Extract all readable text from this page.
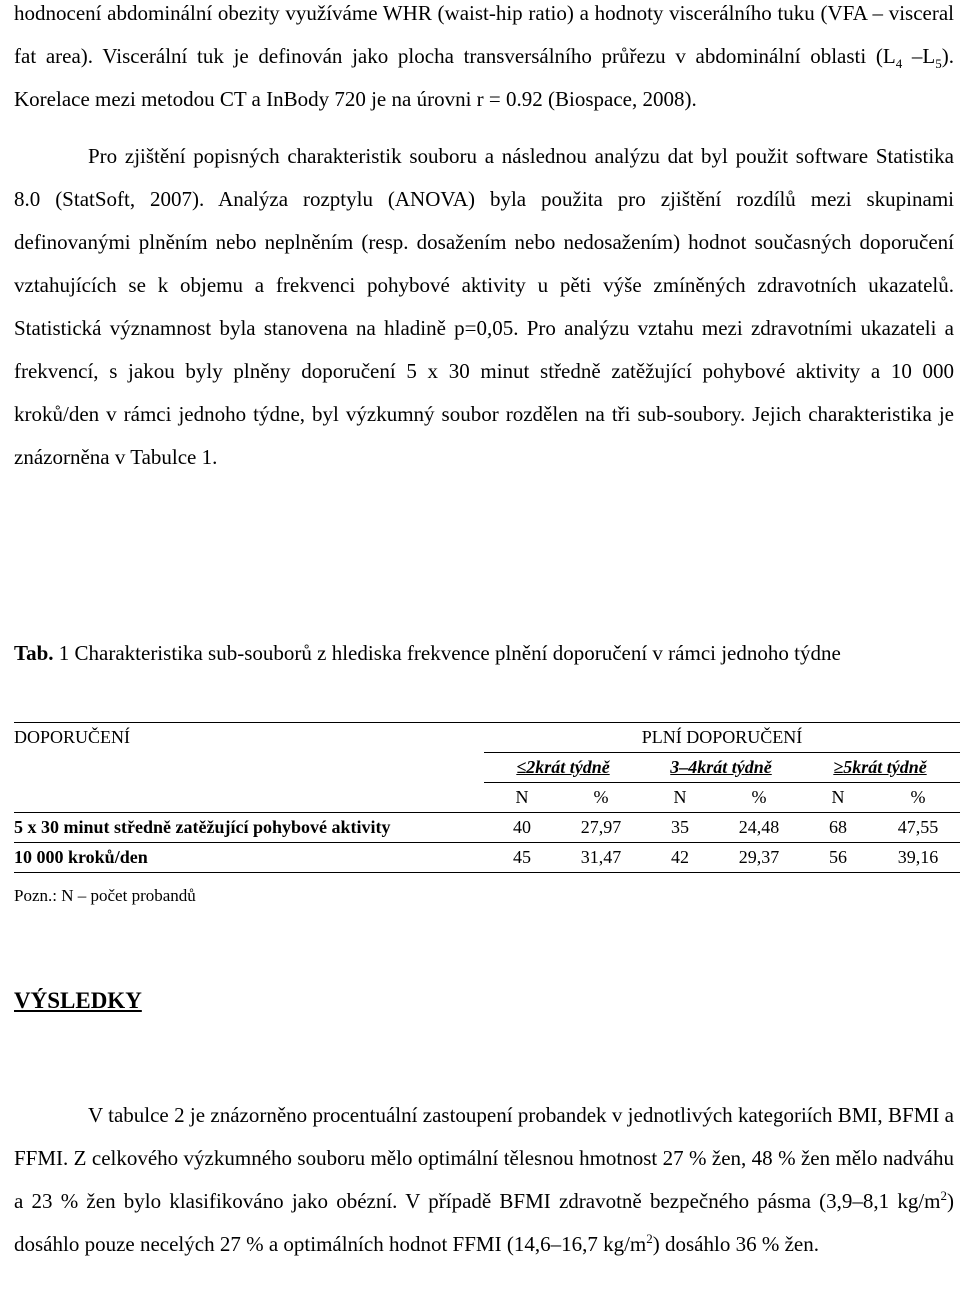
hodnocení abdominální obezity využíváme WHR (waist-hip ratio) a hodnoty viscerálního tuku (VFA – visceral fat area). Viscerální tuk je definován jako plocha transversálního průřezu v abdominální oblasti ($L_4$ $-L_5$). Korelace mezi metodou CT a InBody 720 je na úrovni r = 0.92 (Biospace, 2008).

Pro zjištění popisných charakteristik souboru a následnou analýzu dat byl použit software Statistika 8.0 (StatSoft, 2007). Analýza rozptylu (ANOVA) byla použita pro zjištění rozdílů mezi skupinami definovanými plněním nebo neplněním (resp. dosažením nebo nedosažením) hodnot současných doporučení vztahujících se k objemu a frekvenci pohybové aktivity u pěti výše zmíněných zdravotních ukazatelů. Statistická významnost byla stanovena na hladině p=0,05. Pro analýzu vztahu mezi zdravotními ukazateli a frekvencí, s jakou byly plněny doporučení 5 x 30 minut středně zatěžující pohybové aktivity a 10 000 kroků/den v rámci jednoho týdne, byl výzkumný soubor rozdělen na tři sub-soubory. Jejich charakteristika je znázorněna v Tabulce 1.

Tab. 1 Charakteristika sub-souborů z hlediska frekvence plnění doporučení v rámci jednoho týdne

DOPORUČENÍ	PLNÍ DOPORUČENÍ					
	≤2krát týdně		3–4krát týdně		≥5krát týdně	
	N	%	N	%	N	%
5 x 30 minut středně zatěžující pohybové aktivity	40	27,97	35	24,48	68	47,55
10 000 kroků/den	45	31,47	42	29,37	56	39,16
Pozn.: N – počet probandů
VÝSLEDKY

V tabulce 2 je znázorněno procentuální zastoupení probandek v jednotlivých kategoriích BMI, BFMI a FFMI. Z celkového výzkumného souboru mělo optimální tělesnou hmotnost 27 % žen, 48 % žen mělo nadváhu a 23 % žen bylo klasifikováno jako obézní. V případě BFMI zdravotně bezpečného pásma (3,9–8,1 $kg/m^2$) dosáhlo pouze necelých 27 % a optimálních hodnot FFMI (14,6–16,7 $kg/m^2$) dosáhlo 36 % žen.
